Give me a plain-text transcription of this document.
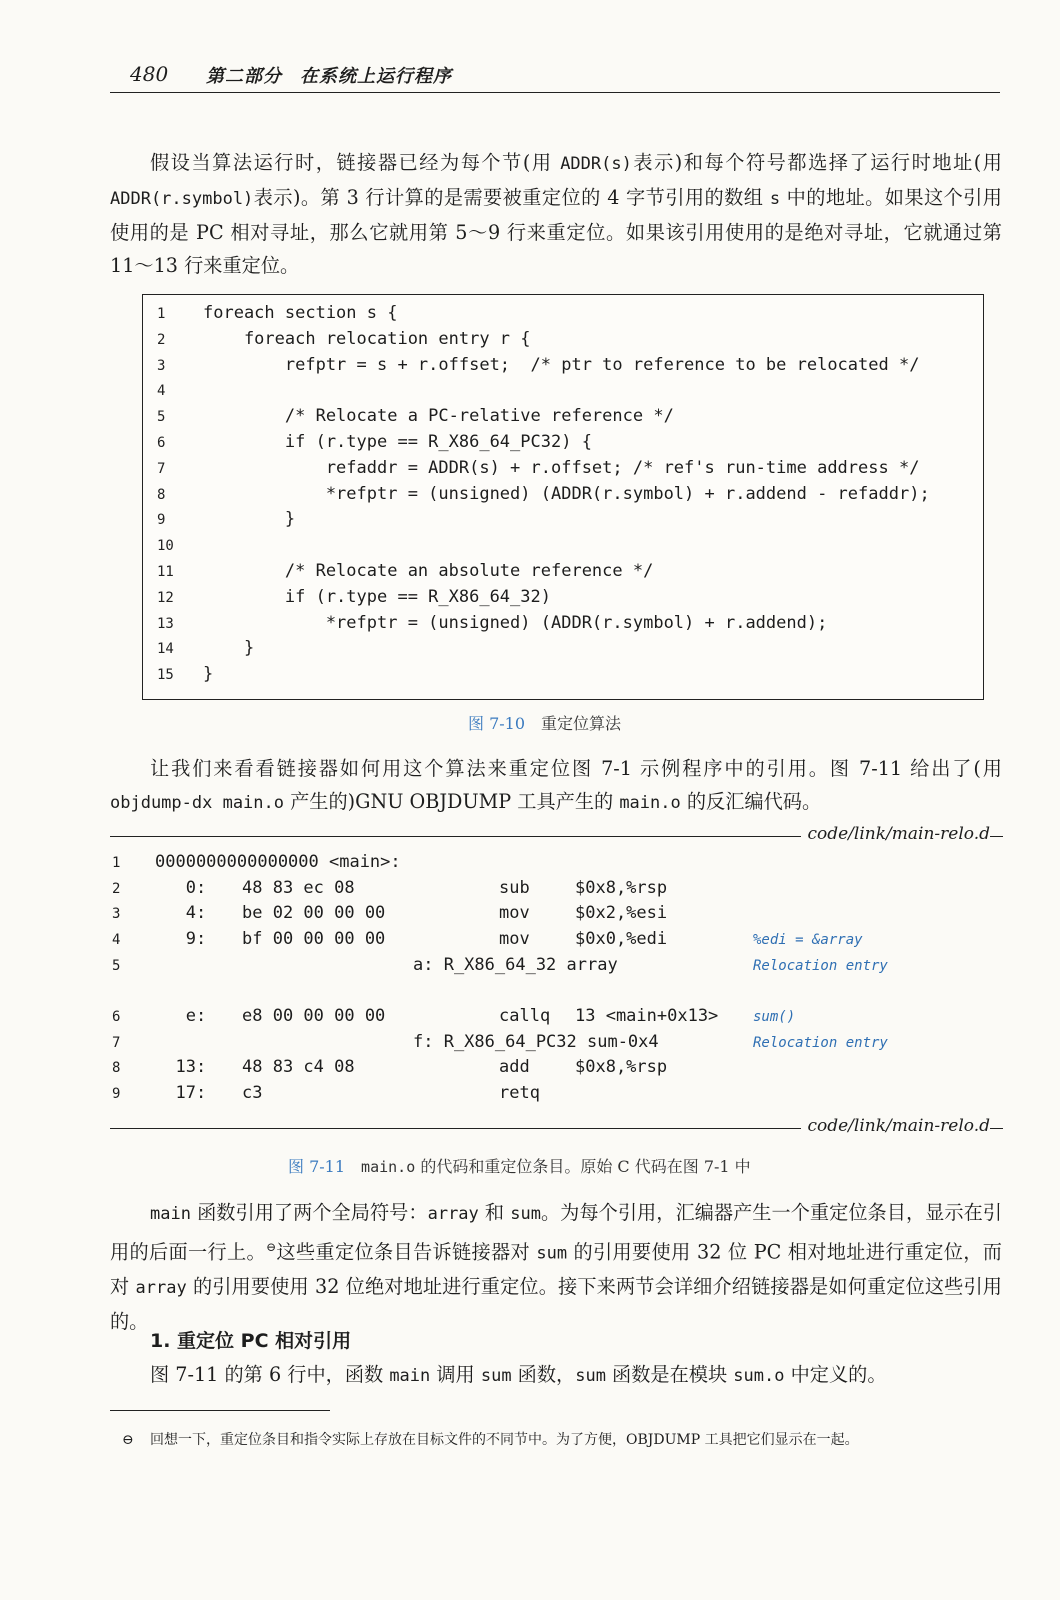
480 第二部分 在系统上运行程序

假设当算法运行时，链接器已经为每个节(用 ADDR(s)表示)和每个符号都选择了运行时地址(用 ADDR(r.symbol)表示)。第 3 行计算的是需要被重定位的 4 字节引用的数组 s 中的地址。如果这个引用使用的是 PC 相对寻址，那么它就用第 5～9 行来重定位。如果该引用使用的是绝对寻址，它就通过第 11～13 行来重定位。

1	foreach section s {
2	foreach relocation entry r {
3	refptr = s + r.offset;  /* ptr to reference to be relocated */
4
5	/* Relocate a PC-relative reference */
6	if (r.type == R_X86_64_PC32) {
7	refaddr = ADDR(s) + r.offset; /* ref's run-time address */
8	*refptr = (unsigned) (ADDR(r.symbol) + r.addend - refaddr);
9	}
10
11	/* Relocate an absolute reference */
12	if (r.type == R_X86_64_32)
13	*refptr = (unsigned) (ADDR(r.symbol) + r.addend);
14	}
15	}
图 7-10 重定位算法

让我们来看看链接器如何用这个算法来重定位图 7-1 示例程序中的引用。图 7-11 给出了(用 objdump-dx main.o 产生的)GNU OBJDUMP 工具产生的 main.o 的反汇编代码。

code/link/main-relo.d
1 0000000000000000 <main>:
2 0: 48 83 ec 08	sub	$0x8,%rsp
3 4: be 02 00 00 00	mov	$0x2,%esi
4 9: bf 00 00 00 00	mov	$0x0,%edi	%edi = &array
5	a: R_X86_64_32 array	Relocation entry
6 e: e8 00 00 00 00	callq 13 <main+0x13> sum()
7	f: R_X86_64_PC32 sum-0x4	Relocation entry
8 13: 48 83 c4 08	add	$0x8,%rsp
9 17: c3	retq
code/link/main-relo.d
图 7-11 main.o 的代码和重定位条目。原始 C 代码在图 7-1 中

main 函数引用了两个全局符号：array 和 sum。为每个引用，汇编器产生一个重定位条目，显示在引用的后面一行上。⊖这些重定位条目告诉链接器对 sum 的引用要使用 32 位 PC 相对地址进行重定位，而对 array 的引用要使用 32 位绝对地址进行重定位。接下来两节会详细介绍链接器是如何重定位这些引用的。

1. 重定位 PC 相对引用

图 7-11 的第 6 行中，函数 main 调用 sum 函数，sum 函数是在模块 sum.o 中定义的。

⊖ 回想一下，重定位条目和指令实际上存放在目标文件的不同节中。为了方便，OBJDUMP 工具把它们显示在一起。
